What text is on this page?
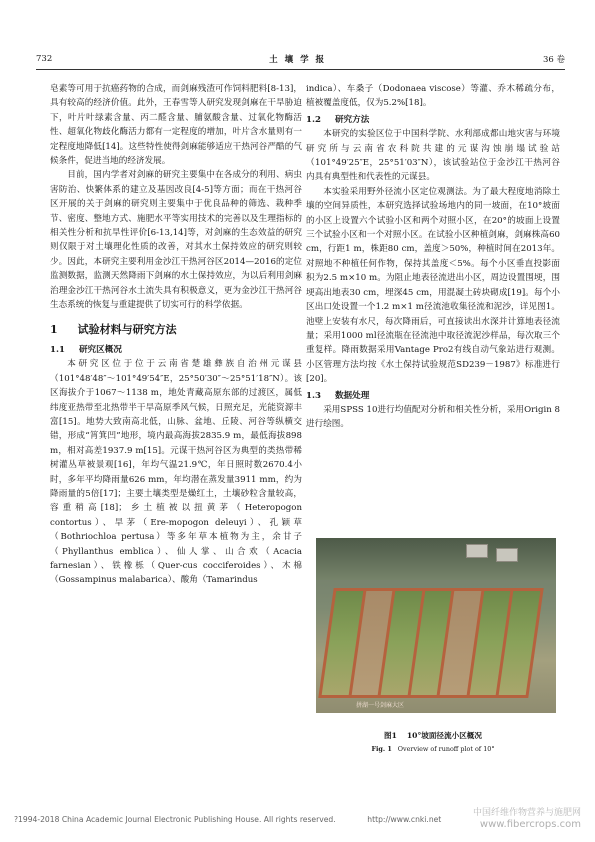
732	土 壤 学 报	36 卷

皂素等可用于抗癌药物的合成，而剑麻残渣可作饲料肥料[8-13]，具有较高的经济价值。此外，王春雪等人研究发现剑麻在干旱胁迫下，叶片叶绿素含量、丙二醛含量、脯氨酸含量、过氧化物酶活性、超氧化物歧化酶活力都有一定程度的增加，叶片含水量则有一定程度地降低[14]。这些特性使得剑麻能够适应干热河谷严酷的气候条件，促进当地的经济发展。

目前，国内学者对剑麻的研究主要集中在各成分的利用、病虫害防治、快繁体系的建立及基因改良[4-5]等方面；而在干热河谷区开展的关于剑麻的研究则主要集中于优良品种的筛选、栽种季节、密度、整地方式、施肥水平等实用技术的完善以及生理指标的相关性分析和抗旱性评价[6-13,14]等，对剑麻的生态效益的研究则仅限于对土壤理化性质的改善，对其水土保持效应的研究则较少。因此，本研究主要利用金沙江干热河谷区2014—2016的定位监测数据，监测天然降雨下剑麻的水土保持效应，为以后利用剑麻治理金沙江干热河谷水土流失具有积极意义，更为金沙江干热河谷生态系统的恢复与重建提供了切实可行的科学依据。

1 试验材料与研究方法
1.1 研究区概况

本研究区位于位于云南省楚雄彝族自治州元谋县（101°48′48″～101°49′54″E，25°50′30″～25°51′18″N）。该区海拔介于1067～1138 m，地处青藏高原东部的过渡区，属低纬度亚热带至北热带半干旱高原季风气候，日照充足，光能资源丰富[15]。地势大致南高北低，山脉、盆地、丘陵、河谷等纵横交错，形成“筲箕凹”地形，境内最高海拔2835.9 m，最低海拔898 m，相对高差1937.9 m[15]。元谋干热河谷区为典型的类热带稀树灌丛草被景观[16]，年均气温21.9℃，年日照时数2670.4小时，多年平均降雨量626 mm，年均潜在蒸发量3911 mm，约为降雨量的5倍[17]；主要土壤类型是燥红土，土壤砂粒含量较高，容重稍高[18]；乡土植被以扭黄茅（Heteropogon contortus）、旱茅（Ere-mopogon deleuyi）、孔颖草（Bothriochloa pertusa）等多年草本植物为主，余甘子（Phyllanthus emblica）、仙人掌、山合欢（Acacia farnesian）、铁橡栎（Quer-cus cocciferoides）、木棉（Gossampinus malabarica）、酸角（Tamarindus

indica）、车桑子（Dodonaea viscose）等灌、乔木稀疏分布，植被覆盖度低，仅为5.2%[18]。

1.2 研究方法

本研究的实验区位于中国科学院、水利部成都山地灾害与环境研究所与云南省农科院共建的元谋沟蚀崩塌试验站（101°49′25″E，25°51′03″N），该试验站位于金沙江干热河谷内具有典型性和代表性的元谋县。

本实验采用野外径流小区定位观测法。为了最大程度地消除土壤的空间异质性，本研究选择试验场地内的同一坡面，在10°坡面的小区上设置六个试验小区和两个对照小区，在20°的坡面上设置三个试验小区和一个对照小区。在试验小区种植剑麻，剑麻株高60 cm，行距1 m，株距80 cm，盖度＞50%，种植时间在2013年。对照地不种植任何作物，保持其盖度＜5%。每个小区垂直投影面积为2.5 m×10 m。为阻止地表径流进出小区，周边设置围埂，围埂高出地表30 cm，埋深45 cm，用混凝土砖块砌成[19]。每个小区出口处设置一个1.2 m×1 m径流池收集径流和泥沙，详见图1。池壁上安装有水尺，每次降雨后，可直接读出水深并计算地表径流量；采用1000 ml径流瓶在径流池中取径流泥沙样品，每次取三个重复样。降雨数据采用Vantage Pro2有线自动气象站进行观测。小区管理方法均按《水土保持试验规范SD239－1987》标准进行[20]。

1.3 数据处理

采用SPSS 10进行均值配对分析和相关性分析，采用Origin 8进行绘图。

拼湖一号剑麻大区
图1 10°坡面径流小区概况
Fig. 1 Overview of runoff plot of 10°
?1994-2018 China Academic Journal Electronic Publishing House. All rights reserved.	http://www.cnki.net
中国纤维作物营养与施肥网
www.fibercrops.com
